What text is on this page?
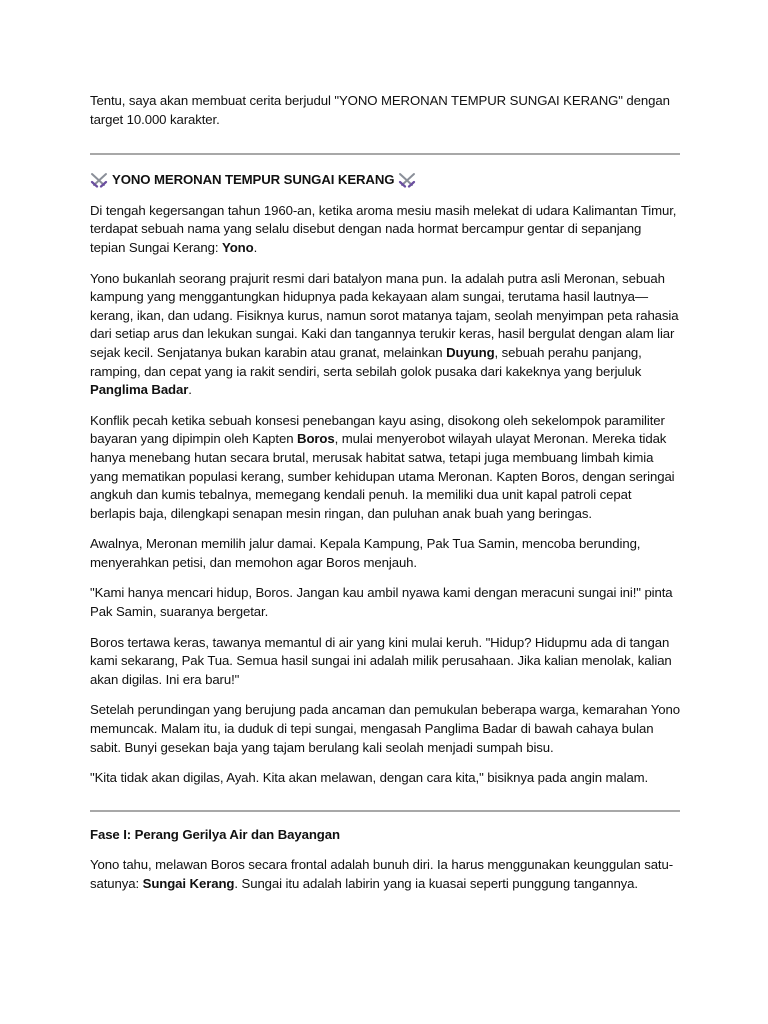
Tentu, saya akan membuat cerita berjudul "YONO MERONAN TEMPUR SUNGAI KERANG" dengan target 10.000 karakter.

YONO MERONAN TEMPUR SUNGAI KERANG

Di tengah kegersangan tahun 1960-an, ketika aroma mesiu masih melekat di udara Kalimantan Timur, terdapat sebuah nama yang selalu disebut dengan nada hormat bercampur gentar di sepanjang tepian Sungai Kerang: Yono.

Yono bukanlah seorang prajurit resmi dari batalyon mana pun. Ia adalah putra asli Meronan, sebuah kampung yang menggantungkan hidupnya pada kekayaan alam sungai, terutama hasil lautnya—kerang, ikan, dan udang. Fisiknya kurus, namun sorot matanya tajam, seolah menyimpan peta rahasia dari setiap arus dan lekukan sungai. Kaki dan tangannya terukir keras, hasil bergulat dengan alam liar sejak kecil. Senjatanya bukan karabin atau granat, melainkan Duyung, sebuah perahu panjang, ramping, dan cepat yang ia rakit sendiri, serta sebilah golok pusaka dari kakeknya yang berjuluk Panglima Badar.

Konflik pecah ketika sebuah konsesi penebangan kayu asing, disokong oleh sekelompok paramiliter bayaran yang dipimpin oleh Kapten Boros, mulai menyerobot wilayah ulayat Meronan. Mereka tidak hanya menebang hutan secara brutal, merusak habitat satwa, tetapi juga membuang limbah kimia yang mematikan populasi kerang, sumber kehidupan utama Meronan. Kapten Boros, dengan seringai angkuh dan kumis tebalnya, memegang kendali penuh. Ia memiliki dua unit kapal patroli cepat berlapis baja, dilengkapi senapan mesin ringan, dan puluhan anak buah yang beringas.

Awalnya, Meronan memilih jalur damai. Kepala Kampung, Pak Tua Samin, mencoba berunding, menyerahkan petisi, dan memohon agar Boros menjauh.

"Kami hanya mencari hidup, Boros. Jangan kau ambil nyawa kami dengan meracuni sungai ini!" pinta Pak Samin, suaranya bergetar.

Boros tertawa keras, tawanya memantul di air yang kini mulai keruh. "Hidup? Hidupmu ada di tangan kami sekarang, Pak Tua. Semua hasil sungai ini adalah milik perusahaan. Jika kalian menolak, kalian akan digilas. Ini era baru!"

Setelah perundingan yang berujung pada ancaman dan pemukulan beberapa warga, kemarahan Yono memuncak. Malam itu, ia duduk di tepi sungai, mengasah Panglima Badar di bawah cahaya bulan sabit. Bunyi gesekan baja yang tajam berulang kali seolah menjadi sumpah bisu.

"Kita tidak akan digilas, Ayah. Kita akan melawan, dengan cara kita," bisiknya pada angin malam.

Fase I: Perang Gerilya Air dan Bayangan

Yono tahu, melawan Boros secara frontal adalah bunuh diri. Ia harus menggunakan keunggulan satu-satunya: Sungai Kerang. Sungai itu adalah labirin yang ia kuasai seperti punggung tangannya.
